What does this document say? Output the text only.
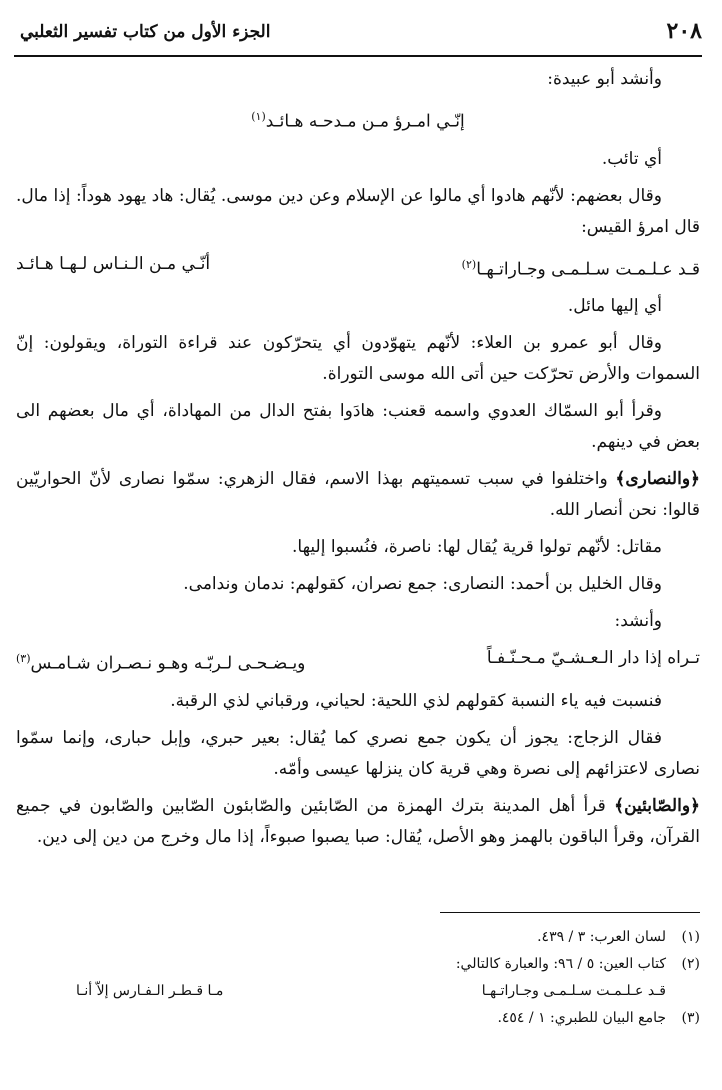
٢٠٨
الجزء الأول من كتاب تفسير الثعلبي

وأنشد أبو عبيدة:

إنّـي امـرؤ مـن مـدحـه هـائـد$^{(١)}$

أي تائب.

وقال بعضهم: لأنّهم هادوا أي مالوا عن الإسلام وعن دين موسى. يُقال: هاد يهود هوداً: إذا مال. قال امرؤ القيس:

قـد عـلـمـت سـلـمـى وجـاراتـهـا$^{(٢)}$
أنّـي مـن الـنـاس لـهـا هـائـد

أي إليها مائل.

وقال أبو عمرو بن العلاء: لأنّهم يتهوّدون أي يتحرّكون عند قراءة التوراة، ويقولون: إنّ السموات والأرض تحرّكت حين أتى الله موسى التوراة.

وقرأ أبو السمّاك العدوي واسمه قعنب: هادَوا بفتح الدال من المهاداة، أي مال بعضهم الى بعض في دينهم.

﴿والنصارى﴾ واختلفوا في سبب تسميتهم بهذا الاسم، فقال الزهري: سمّوا نصارى لأنّ الحواريّين قالوا: نحن أنصار الله.

مقاتل: لأنّهم تولوا قرية يُقال لها: ناصرة، فنُسبوا إليها.

وقال الخليل بن أحمد: النصارى: جمع نصران، كقولهم: ندمان وندامى.

وأنشد:

تـراه إذا دار الـعـشـيّ مـحـنّـفـاً
ويـضـحـى لـربّـه وهـو نـصـران شـامـس$^{(٣)}$

فنسبت فيه ياء النسبة كقولهم لذي اللحية: لحياني، ورقباني لذي الرقبة.

فقال الزجاج: يجوز أن يكون جمع نصري كما يُقال: بعير حبري، وإبل حبارى، وإنما سمّوا نصارى لاعتزائهم إلى نصرة وهي قرية كان ينزلها عيسى وأمّه.

﴿والصّابئين﴾ قرأ أهل المدينة بترك الهمزة من الصّابئين والصّابئون الصّابين والصّابون في جميع القرآن، وقرأ الباقون بالهمز وهو الأصل، يُقال: صبا يصبوا صبوءاً، إذا مال وخرج من دين إلى دين.

(١)لسان العرب: ٣ / ٤٣٩.

(٢)كتاب العين: ٥ / ٩٦: والعبارة كالتالي:

قـد عـلـمـت سـلـمـى وجـاراتـهـا
مـا قـطـر الـفـارس إلاّ أنـا

(٣)جامع البيان للطبري: ١ / ٤٥٤.
